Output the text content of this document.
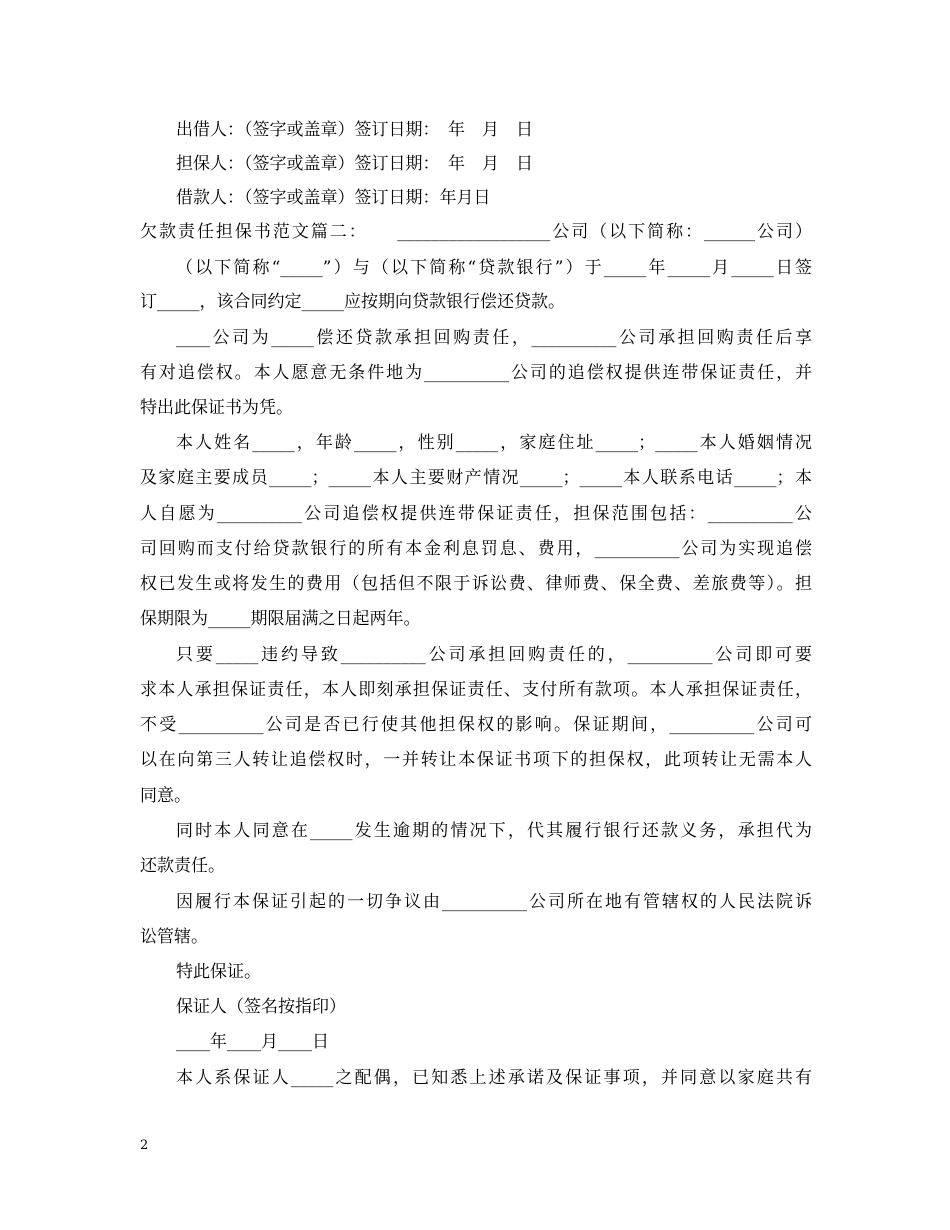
出借人：（签字或盖章）签订日期：　年　月　日
担保人：（签字或盖章）签订日期：　年　月　日
借款人：（签字或盖章）签订日期：年月日
欠款责任担保书范文篇二：　　__________________公司（以下简称：______公司）
（以下简称“_____”）与（以下简称“贷款银行”）于_____年_____月_____日签
订_____，该合同约定_____应按期向贷款银行偿还贷款。
____公司为_____偿还贷款承担回购责任，__________公司承担回购责任后享
有对追偿权。本人愿意无条件地为__________公司的追偿权提供连带保证责任，并
特出此保证书为凭。
本人姓名_____，年龄_____，性别_____，家庭住址_____；_____本人婚姻情况
及家庭主要成员_____；_____本人主要财产情况_____；_____本人联系电话_____；本
人自愿为__________公司追偿权提供连带保证责任，担保范围包括：__________公
司回购而支付给贷款银行的所有本金利息罚息、费用，__________公司为实现追偿
权已发生或将发生的费用（包括但不限于诉讼费、律师费、保全费、差旅费等）。担
保期限为_____期限届满之日起两年。
只要_____违约导致__________公司承担回购责任的，__________公司即可要
求本人承担保证责任，本人即刻承担保证责任、支付所有款项。本人承担保证责任，
不受__________公司是否已行使其他担保权的影响。保证期间，__________公司可
以在向第三人转让追偿权时，一并转让本保证书项下的担保权，此项转让无需本人
同意。
同时本人同意在_____发生逾期的情况下，代其履行银行还款义务，承担代为
还款责任。
因履行本保证引起的一切争议由__________公司所在地有管辖权的人民法院诉
讼管辖。
特此保证。
保证人（签名按指印）
____年____月____日
本人系保证人_____之配偶，已知悉上述承诺及保证事项，并同意以家庭共有
2
